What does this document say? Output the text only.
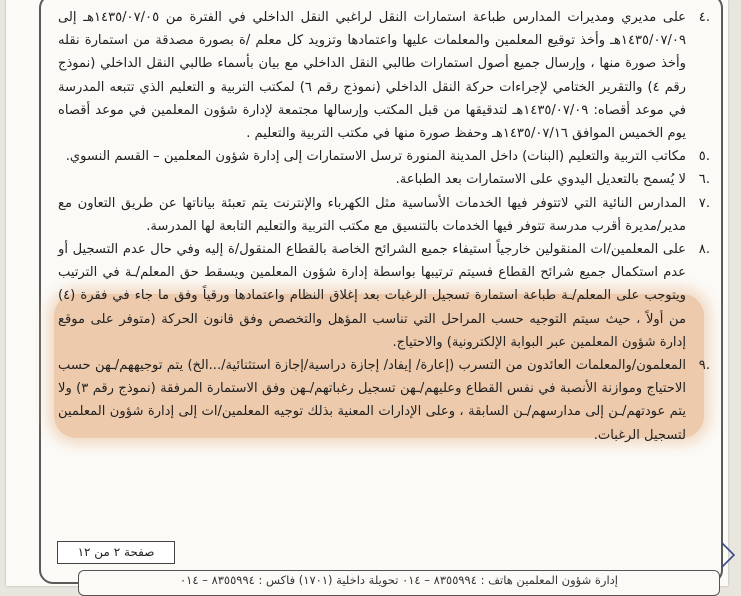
.٤
على مديري ومديرات المدارس طباعة استمارات النقل لراغبي النقل الداخلي في الفترة من ١٤٣٥/٠٧/٠٥هـ إلى ١٤٣٥/٠٧/٠٩هـ وأخذ توقيع المعلمين والمعلمات عليها واعتمادها وتزويد كل معلم /ة بصورة مصدقة من استمارة نقله وأخذ صورة منها ، وإرسال جميع أصول استمارات طالبي النقل الداخلي مع بيان بأسماء طالبي النقل الداخلي (نموذج رقم ٤) والتقرير الختامي لإجراءات حركة النقل الداخلي (نموذج رقم ٦) لمكتب التربية و التعليم الذي تتبعه المدرسة في موعد أقصاه: ١٤٣٥/٠٧/٠٩هـ لتدقيقها من قبل المكتب وإرسالها مجتمعة لإدارة شؤون المعلمين في موعد أقصاه يوم الخميس الموافق ١٤٣٥/٠٧/١٦هـ وحفظ صورة منها في مكتب التربية والتعليم .
.٥
مكاتب التربية والتعليم (البنات) داخل المدينة المنورة ترسل الاستمارات إلى إدارة شؤون المعلمين – القسم النسوي.
.٦
لا يُسمح بالتعديل اليدوي على الاستمارات بعد الطباعة.
.٧
المدارس النائية التي لاتتوفر فيها الخدمات الأساسية مثل الكهرباء والإنترنت يتم تعبئة بياناتها عن طريق التعاون مع مدير/مديرة أقرب مدرسة تتوفر فيها الخدمات بالتنسيق مع مكتب التربية والتعليم التابعة لها المدرسة.
.٨
على المعلمين/ات المنقولين خارجياً استيفاء جميع الشرائح الخاصة بالقطاع المنقول/ة إليه وفي حال عدم التسجيل أو عدم استكمال جميع شرائح القطاع فسيتم ترتيبها بواسطة إدارة شؤون المعلمين ويسقط حق المعلم/ـة في الترتيب ويتوجب على المعلم/ـة طباعة استمارة تسجيل الرغبات بعد إغلاق النظام واعتمادها ورقياً وفق ما جاء في فقرة (٤) من أولاً ، حيث سيتم التوجيه حسب المراحل التي تناسب المؤهل والتخصص وفق قانون الحركة (متوفر على موقع إدارة شؤون المعلمين عبر البوابة الإلكترونية) والاحتياج.
.٩
المعلمون/والمعلمات العائدون من التسرب (إعارة/ إيفاد/ إجازة دراسية/إجازة استثنائية/...الخ) يتم توجيههم/ـهن حسب الاحتياج وموازنة الأنصبة في نفس القطاع وعليهم/ـهن تسجيل رغباتهم/ـهن وفق الاستمارة المرفقة (نموذج رقم ٣) ولا يتم عودتهم/ـن إلى مدارسهم/ـن السابقة ، وعلى الإدارات المعنية بذلك توجيه المعلمين/ات إلى إدارة شؤون المعلمين لتسجيل الرغبات.
صفحة ٢ من ١٢
إدارة شؤون المعلمين هاتف : ٨٣٥٥٩٩٤ – ٠١٤ تحويلة داخلية (١٧٠١) فاكس : ٨٣٥٥٩٩٤ – ٠١٤
